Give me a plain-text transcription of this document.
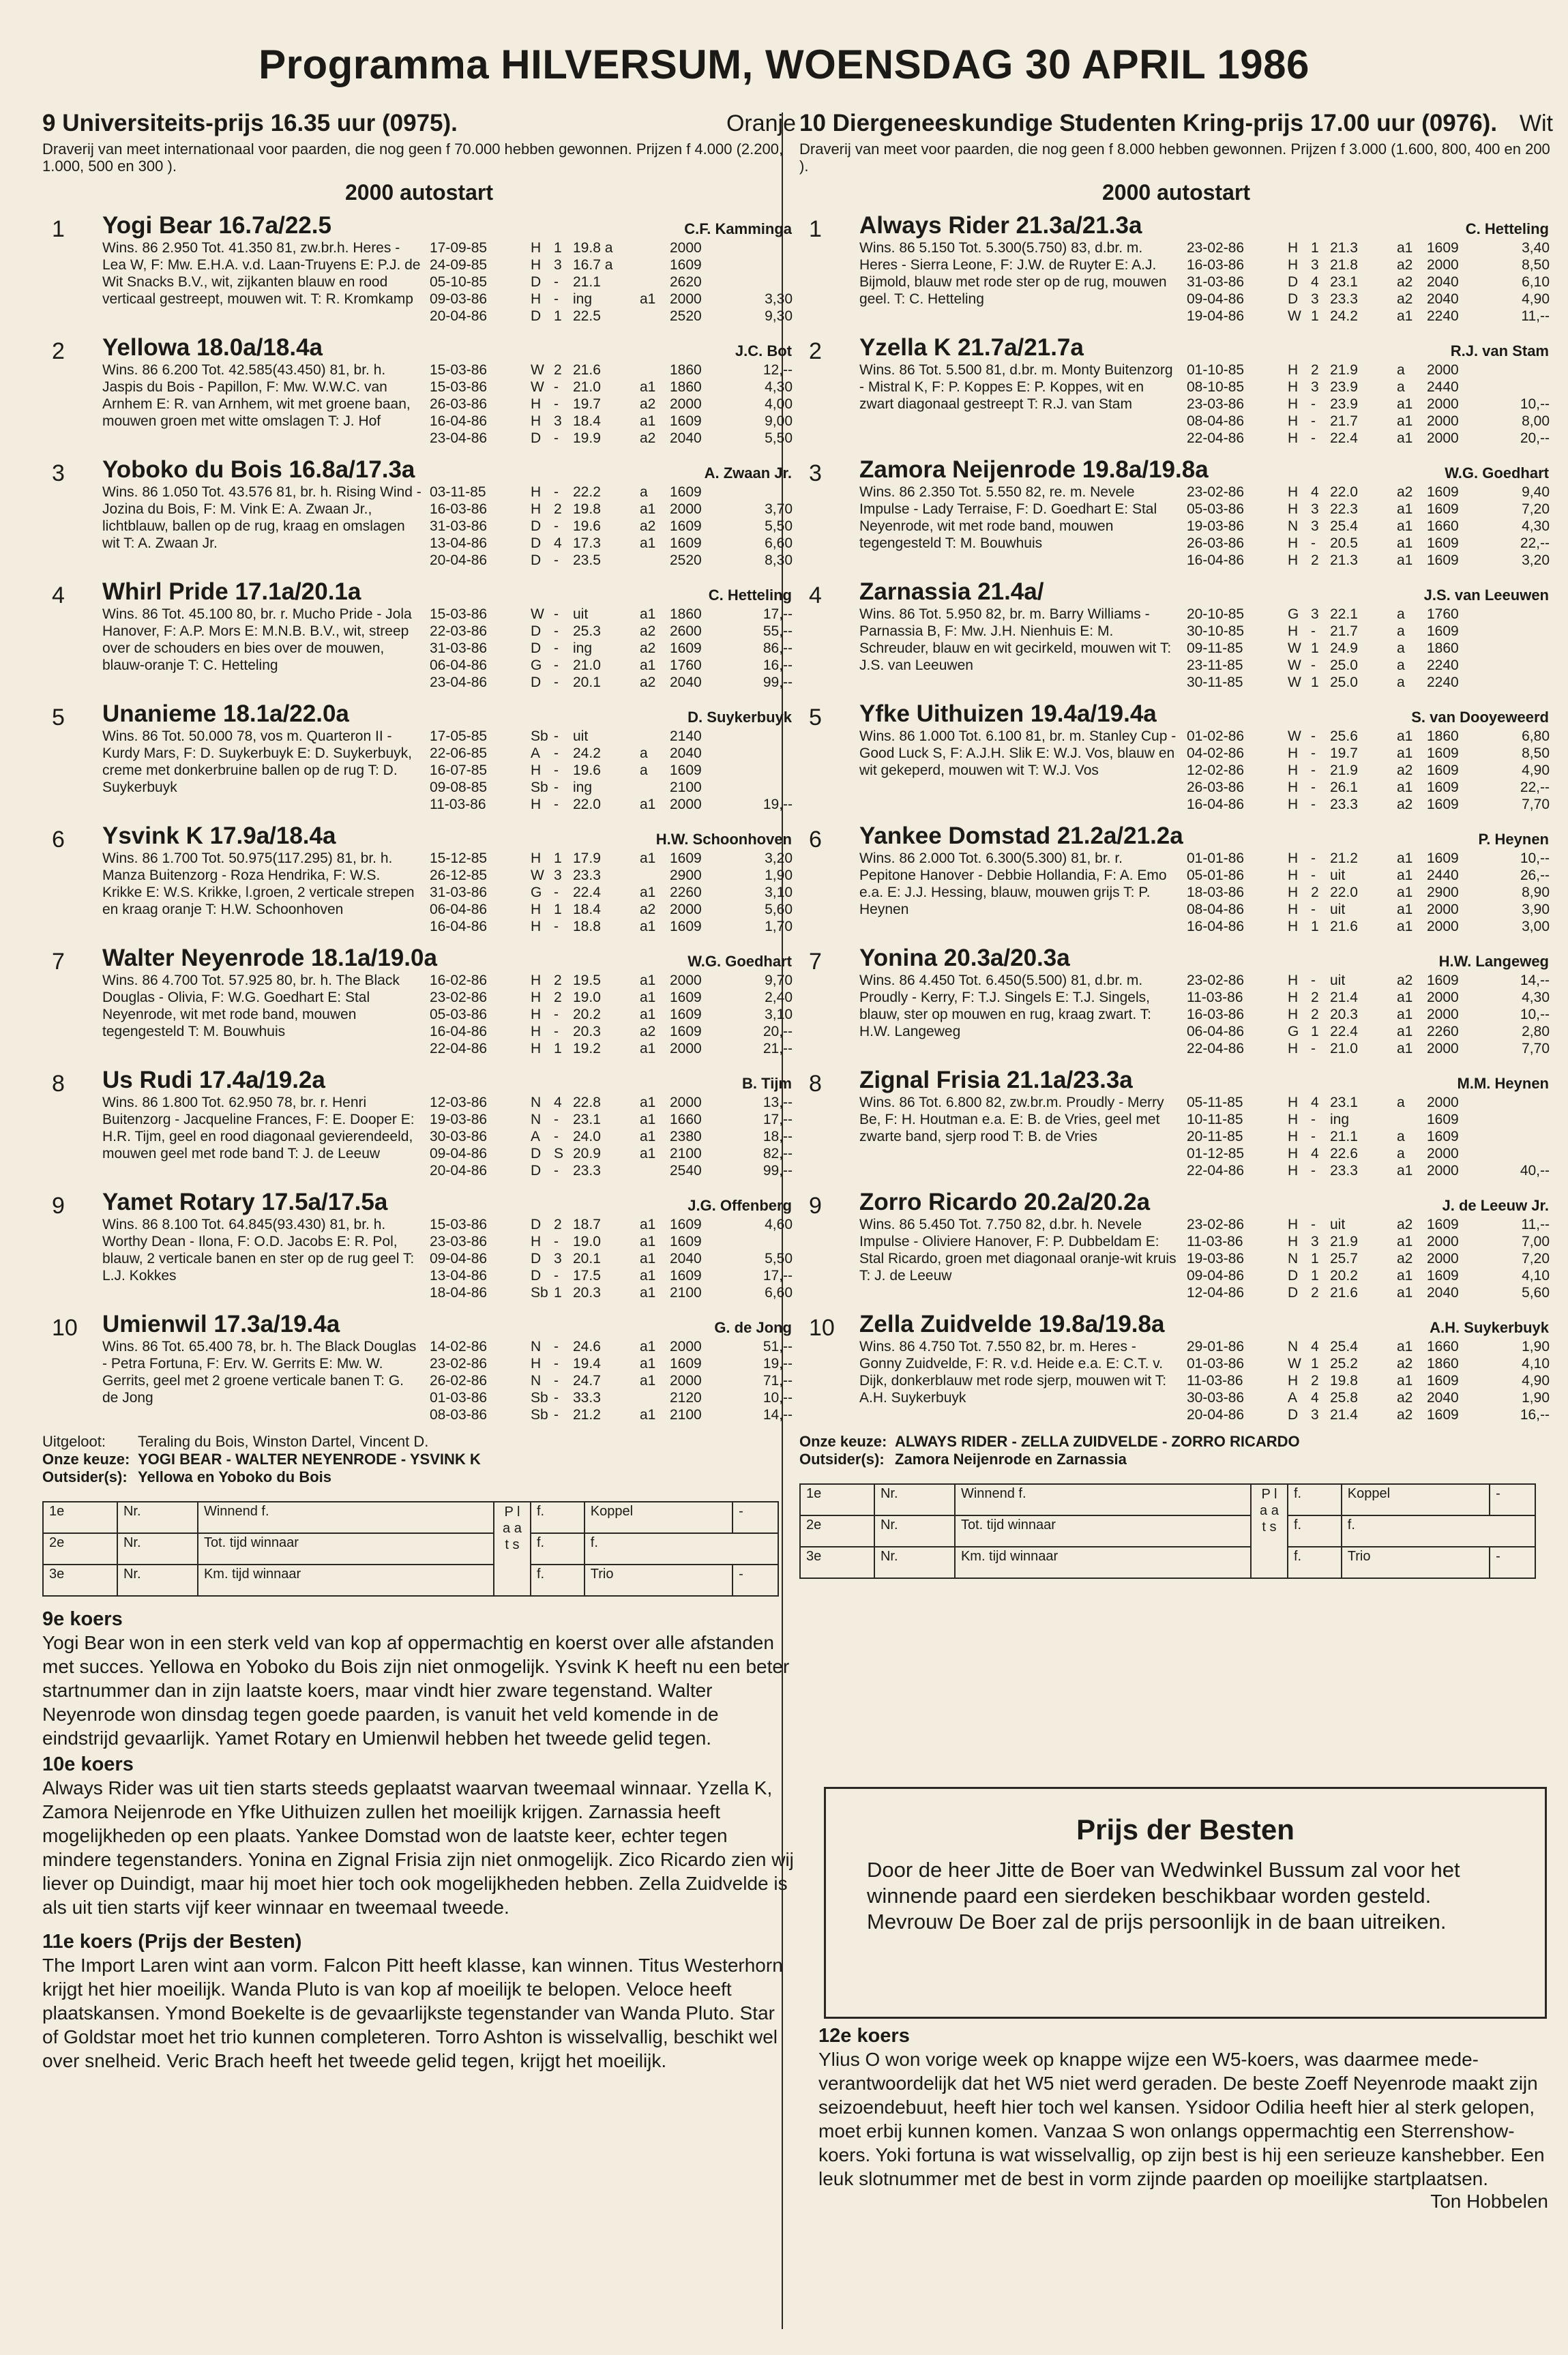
Programma HILVERSUM, WOENSDAG 30 APRIL 1986
9 Universiteits-prijs 16.35 uur (0975).	Oranje
Draverij van meet internationaal voor paarden, die nog geen f 70.000 hebben gewonnen. Prijzen f 4.000 (2.200, 1.000, 500 en 300 ).
2000 autostart
1 Yogi Bear 16.7a/22.5	C.F. Kamminga
Wins. 86 2.950 Tot. 41.350 81, zw.br.h. Heres - Lea W, F: Mw. E.H.A. v.d. Laan-Truyens E: P.J. de Wit Snacks B.V., wit, zijkanten blauw en rood verticaal gestreept, mouwen wit. T: R. Kromkamp
17-09-85	H 1 19.8 a	2000
24-09-85	H 3 16.7 a	1609
05-10-85	D -	21.1	2620
09-03-86	H -	ing	a1 2000	3,30
20-04-86	D 1 22.5	2520	9,30
2 Yellowa 18.0a/18.4a	J.C. Bot
Wins. 86 6.200 Tot. 42.585(43.450) 81, br. h. Jaspis du Bois - Papillon, F: Mw. W.W.C. van Arnhem E: R. van Arnhem, wit met groene baan, mouwen groen met witte omslagen T: J. Hof
15-03-86	W 2 21.6	1860	12,--
15-03-86	W -	21.0	a1 1860	4,30
26-03-86	H -	19.7	a2 2000	4,00
16-04-86	H 3 18.4	a1 1609	9,00
23-04-86	D -	19.9	a2 2040	5,50
3 Yoboko du Bois 16.8a/17.3a	A. Zwaan Jr.
Wins. 86 1.050 Tot. 43.576 81, br. h. Rising Wind - Jozina du Bois, F: M. Vink E: A. Zwaan Jr., lichtblauw, ballen op de rug, kraag en omslagen wit T: A. Zwaan Jr.
03-11-85	H -	22.2	a	1609
16-03-86	H 2 19.8	a1 2000	3,70
31-03-86	D -	19.6	a2 1609	5,50
13-04-86	D 4 17.3	a1 1609	6,60
20-04-86	D -	23.5	2520	8,30
4 Whirl Pride 17.1a/20.1a	C. Hetteling
Wins. 86 Tot. 45.100 80, br. r. Mucho Pride - Jola Hanover, F: A.P. Mors E: M.N.B. B.V., wit, streep over de schouders en bies over de mouwen, blauw-oranje T: C. Hetteling
15-03-86	W -	uit	a1 1860	17,--
22-03-86	D -	25.3	a2 2600	55,--
31-03-86	D -	ing	a2 1609	86,--
06-04-86	G -	21.0	a1 1760	16,--
23-04-86	D -	20.1	a2 2040	99,--
5 Unanieme 18.1a/22.0a	D. Suykerbuyk
Wins. 86 Tot. 50.000 78, vos m. Quarteron II - Kurdy Mars, F: D. Suykerbuyk E: D. Suykerbuyk, creme met donkerbruine ballen op de rug T: D. Suykerbuyk
17-05-85	Sb -	uit	2140
22-06-85	A -	24.2	a	2040
16-07-85	H -	19.6	a	1609
09-08-85	Sb -	ing	2100
11-03-86	H -	22.0	a1 2000	19,--
6 Ysvink K 17.9a/18.4a	H.W. Schoonhoven
Wins. 86 1.700 Tot. 50.975(117.295) 81, br. h. Manza Buitenzorg - Roza Hendrika, F: W.S. Krikke E: W.S. Krikke, l.groen, 2 verticale strepen en kraag oranje T: H.W. Schoonhoven
15-12-85	H 1 17.9	a1 1609	3,20
26-12-85	W 3 23.3	2900	1,90
31-03-86	G -	22.4	a1 2260	3,10
06-04-86	H 1 18.4	a2 2000	5,60
16-04-86	H -	18.8	a1 1609	1,70
7 Walter Neyenrode 18.1a/19.0a	W.G. Goedhart
Wins. 86 4.700 Tot. 57.925 80, br. h. The Black Douglas - Olivia, F: W.G. Goedhart E: Stal Neyenrode, wit met rode band, mouwen tegengesteld T: M. Bouwhuis
16-02-86	H 2 19.5	a1 2000	9,70
23-02-86	H 2 19.0	a1 1609	2,40
05-03-86	H -	20.2	a1 1609	3,10
16-04-86	H -	20.3	a2 1609	20,--
22-04-86	H 1 19.2	a1 2000	21,--
8 Us Rudi 17.4a/19.2a	B. Tijm
Wins. 86 1.800 Tot. 62.950 78, br. r. Henri Buitenzorg - Jacqueline Frances, F: E. Dooper E: H.R. Tijm, geel en rood diagonaal gevierendeeld, mouwen geel met rode band T: J. de Leeuw
12-03-86	N 4 22.8	a1 2000	13,--
19-03-86	N -	23.1	a1 1660	17,--
30-03-86	A -	24.0	a1 2380	18,--
09-04-86	D S 20.9	a1 2100	82,--
20-04-86	D -	23.3	2540	99,--
9 Yamet Rotary 17.5a/17.5a	J.G. Offenberg
Wins. 86 8.100 Tot. 64.845(93.430) 81, br. h. Worthy Dean - Ilona, F: O.D. Jacobs E: R. Pol, blauw, 2 verticale banen en ster op de rug geel T: L.J. Kokkes
15-03-86	D 2 18.7	a1 1609	4,60
23-03-86	H -	19.0	a1 1609
09-04-86	D 3 20.1	a1 2040	5,50
13-04-86	D -	17.5	a1 1609	17,--
18-04-86	Sb 1 20.3	a1 2100	6,60
10 Umienwil 17.3a/19.4a	G. de Jong
Wins. 86 Tot. 65.400 78, br. h. The Black Douglas - Petra Fortuna, F: Erv. W. Gerrits E: Mw. W. Gerrits, geel met 2 groene verticale banen T: G. de Jong
14-02-86	N -	24.6	a1 2000	51,--
23-02-86	H -	19.4	a1 1609	19,--
26-02-86	N -	24.7	a1 2000	71,--
01-03-86	Sb -	33.3	2120	10,--
08-03-86	Sb -	21.2	a1 2100	14,--
Uitgeloot: Teraling du Bois, Winston Dartel, Vincent D.
Onze keuze: YOGI BEAR - WALTER NEYENRODE - YSVINK K
Outsider(s): Yellowa en Yoboko du Bois
1e	Nr.	Winnend f.	P l a a t s	f.	Koppel	-
2e	Nr.	Tot. tijd winnaar		f.	f.	
3e	Nr.	Km. tijd winnaar		f.	Trio	-
9e koers
Yogi Bear won in een sterk veld van kop af oppermachtig en koerst over alle afstanden met succes. Yellowa en Yoboko du Bois zijn niet onmogelijk. Ysvink K heeft nu een beter startnummer dan in zijn laatste koers, maar vindt hier zware tegenstand. Walter Neyenrode won dinsdag tegen goede paarden, is vanuit het veld komende in de eindstrijd gevaarlijk. Yamet Rotary en Umienwil hebben het tweede gelid tegen.
10e koers
Always Rider was uit tien starts steeds geplaatst waarvan tweemaal winnaar. Yzella K, Zamora Neijenrode en Yfke Uithuizen zullen het moeilijk krijgen. Zarnassia heeft mogelijkheden op een plaats. Yankee Domstad won de laatste keer, echter tegen mindere tegenstanders. Yonina en Zignal Frisia zijn niet onmogelijk. Zico Ricardo zien wij liever op Duindigt, maar hij moet hier toch ook mogelijkheden hebben. Zella Zuidvelde is als uit tien starts vijf keer winnaar en tweemaal tweede.
11e koers (Prijs der Besten)
The Import Laren wint aan vorm. Falcon Pitt heeft klasse, kan winnen. Titus Westerhorn krijgt het hier moeilijk. Wanda Pluto is van kop af moeilijk te belopen. Veloce heeft plaatskansen. Ymond Boekelte is de gevaarlijkste tegenstander van Wanda Pluto. Star of Goldstar moet het trio kunnen completeren. Torro Ashton is wisselvallig, beschikt wel over snelheid. Veric Brach heeft het tweede gelid tegen, krijgt het moeilijk.
10 Diergeneeskundige Studenten Kring-prijs 17.00 uur (0976). Wit
Draverij van meet voor paarden, die nog geen f 8.000 hebben gewonnen. Prijzen f 3.000 (1.600, 800, 400 en 200 ).
2000 autostart
1 Always Rider 21.3a/21.3a	C. Hetteling
Wins. 86 5.150 Tot. 5.300(5.750) 83, d.br. m. Heres - Sierra Leone, F: J.W. de Ruyter E: A.J. Bijmold, blauw met rode ster op de rug, mouwen geel. T: C. Hetteling
23-02-86	H 1 21.3	a1 1609	3,40
16-03-86	H 3 21.8	a2 2000	8,50
31-03-86	D 4 23.1	a2 2040	6,10
09-04-86	D 3 23.3	a2 2040	4,90
19-04-86	W 1 24.2	a1 2240	11,--
2 Yzella K 21.7a/21.7a	R.J. van Stam
Wins. 86 Tot. 5.500 81, d.br. m. Monty Buitenzorg - Mistral K, F: P. Koppes E: P. Koppes, wit en zwart diagonaal gestreept T: R.J. van Stam
01-10-85	H 2 21.9	a	2000
08-10-85	H 3 23.9	a	2440
23-03-86	H -	23.9	a1 2000	10,--
08-04-86	H -	21.7	a1 2000	8,00
22-04-86	H -	22.4	a1 2000	20,--
3 Zamora Neijenrode 19.8a/19.8a	W.G. Goedhart
Wins. 86 2.350 Tot. 5.550 82, re. m. Nevele Impulse - Lady Terraise, F: D. Goedhart E: Stal Neyenrode, wit met rode band, mouwen tegengesteld T: M. Bouwhuis
23-02-86	H 4 22.0	a2 1609	9,40
05-03-86	H 3 22.3	a1 1609	7,20
19-03-86	N 3 25.4	a1 1660	4,30
26-03-86	H -	20.5	a1 1609	22,--
16-04-86	H 2 21.3	a1 1609	3,20
4 Zarnassia 21.4a/	J.S. van Leeuwen
Wins. 86 Tot. 5.950 82, br. m. Barry Williams - Parnassia B, F: Mw. J.H. Nienhuis E: M. Schreuder, blauw en wit gecirkeld, mouwen wit T: J.S. van Leeuwen
20-10-85	G 3 22.1	a	1760
30-10-85	H -	21.7	a	1609
09-11-85	W 1 24.9	a	1860
23-11-85	W -	25.0	a	2240
30-11-85	W 1 25.0	a	2240
5 Yfke Uithuizen 19.4a/19.4a	S. van Dooyeweerd
Wins. 86 1.000 Tot. 6.100 81, br. m. Stanley Cup - Good Luck S, F: A.J.H. Slik E: W.J. Vos, blauw en wit gekeperd, mouwen wit T: W.J. Vos
01-02-86	W -	25.6	a1 1860	6,80
04-02-86	H -	19.7	a1 1609	8,50
12-02-86	H -	21.9	a2 1609	4,90
26-03-86	H -	26.1	a1 1609	22,--
16-04-86	H -	23.3	a2 1609	7,70
6 Yankee Domstad 21.2a/21.2a	P. Heynen
Wins. 86 2.000 Tot. 6.300(5.300) 81, br. r. Pepitone Hanover - Debbie Hollandia, F: A. Emo e.a. E: J.J. Hessing, blauw, mouwen grijs T: P. Heynen
01-01-86	H -	21.2	a1 1609	10,--
05-01-86	H -	uit	a1 2440	26,--
18-03-86	H 2 22.0	a1 2900	8,90
08-04-86	H -	uit	a1 2000	3,90
16-04-86	H 1 21.6	a1 2000	3,00
7 Yonina 20.3a/20.3a	H.W. Langeweg
Wins. 86 4.450 Tot. 6.450(5.500) 81, d.br. m. Proudly - Kerry, F: T.J. Singels E: T.J. Singels, blauw, ster op mouwen en rug, kraag zwart. T: H.W. Langeweg
23-02-86	H -	uit	a2 1609	14,--
11-03-86	H 2 21.4	a1 2000	4,30
16-03-86	H 2 20.3	a1 2000	10,--
06-04-86	G 1 22.4	a1 2260	2,80
22-04-86	H -	21.0	a1 2000	7,70
8 Zignal Frisia 21.1a/23.3a	M.M. Heynen
Wins. 86 Tot. 6.800 82, zw.br.m. Proudly - Merry Be, F: H. Houtman e.a. E: B. de Vries, geel met zwarte band, sjerp rood T: B. de Vries
05-11-85	H 4 23.1	a	2000
10-11-85	H -	ing	1609
20-11-85	H -	21.1	a	1609
01-12-85	H 4 22.6	a	2000
22-04-86	H -	23.3	a1 2000	40,--
9 Zorro Ricardo 20.2a/20.2a	J. de Leeuw Jr.
Wins. 86 5.450 Tot. 7.750 82, d.br. h. Nevele Impulse - Oliviere Hanover, F: P. Dubbeldam E: Stal Ricardo, groen met diagonaal oranje-wit kruis T: J. de Leeuw
23-02-86	H -	uit	a2 1609	11,--
11-03-86	H 3 21.9	a1 2000	7,00
19-03-86	N 1 25.7	a2 2000	7,20
09-04-86	D 1 20.2	a1 1609	4,10
12-04-86	D 2 21.6	a1 2040	5,60
10 Zella Zuidvelde 19.8a/19.8a	A.H. Suykerbuyk
Wins. 86 4.750 Tot. 7.550 82, br. m. Heres - Gonny Zuidvelde, F: R. v.d. Heide e.a. E: C.T. v. Dijk, donkerblauw met rode sjerp, mouwen wit T: A.H. Suykerbuyk
29-01-86	N 4 25.4	a1 1660	1,90
01-03-86	W 1 25.2	a2 1860	4,10
11-03-86	H 2 19.8	a1 1609	4,90
30-03-86	A 4 25.8	a2 2040	1,90
20-04-86	D 3 21.4	a2 1609	16,--
Onze keuze: ALWAYS RIDER - ZELLA ZUIDVELDE - ZORRO RICARDO
Outsider(s): Zamora Neijenrode en Zarnassia
1e	Nr.	Winnend f.	P l a a t s	f.	Koppel	-
2e	Nr.	Tot. tijd winnaar		f.	f.	
3e	Nr.	Km. tijd winnaar		f.	Trio	-
Prijs der Besten
Door de heer Jitte de Boer van Wedwinkel Bussum zal voor het winnende paard een sierdeken beschikbaar worden gesteld. Mevrouw De Boer zal de prijs persoonlijk in de baan uitreiken.
12e koers
Ylius O won vorige week op knappe wijze een W5-koers, was daarmee mede-verantwoordelijk dat het W5 niet werd geraden. De beste Zoeff Neyenrode maakt zijn seizoendebuut, heeft hier toch wel kansen. Ysidoor Odilia heeft hier al sterk gelopen, moet erbij kunnen komen. Vanzaa S won onlangs oppermachtig een Sterrenshow-koers. Yoki fortuna is wat wisselvallig, op zijn best is hij een serieuze kanshebber. Een leuk slotnummer met de best in vorm zijnde paarden op moeilijke startplaatsen.
Ton Hobbelen
